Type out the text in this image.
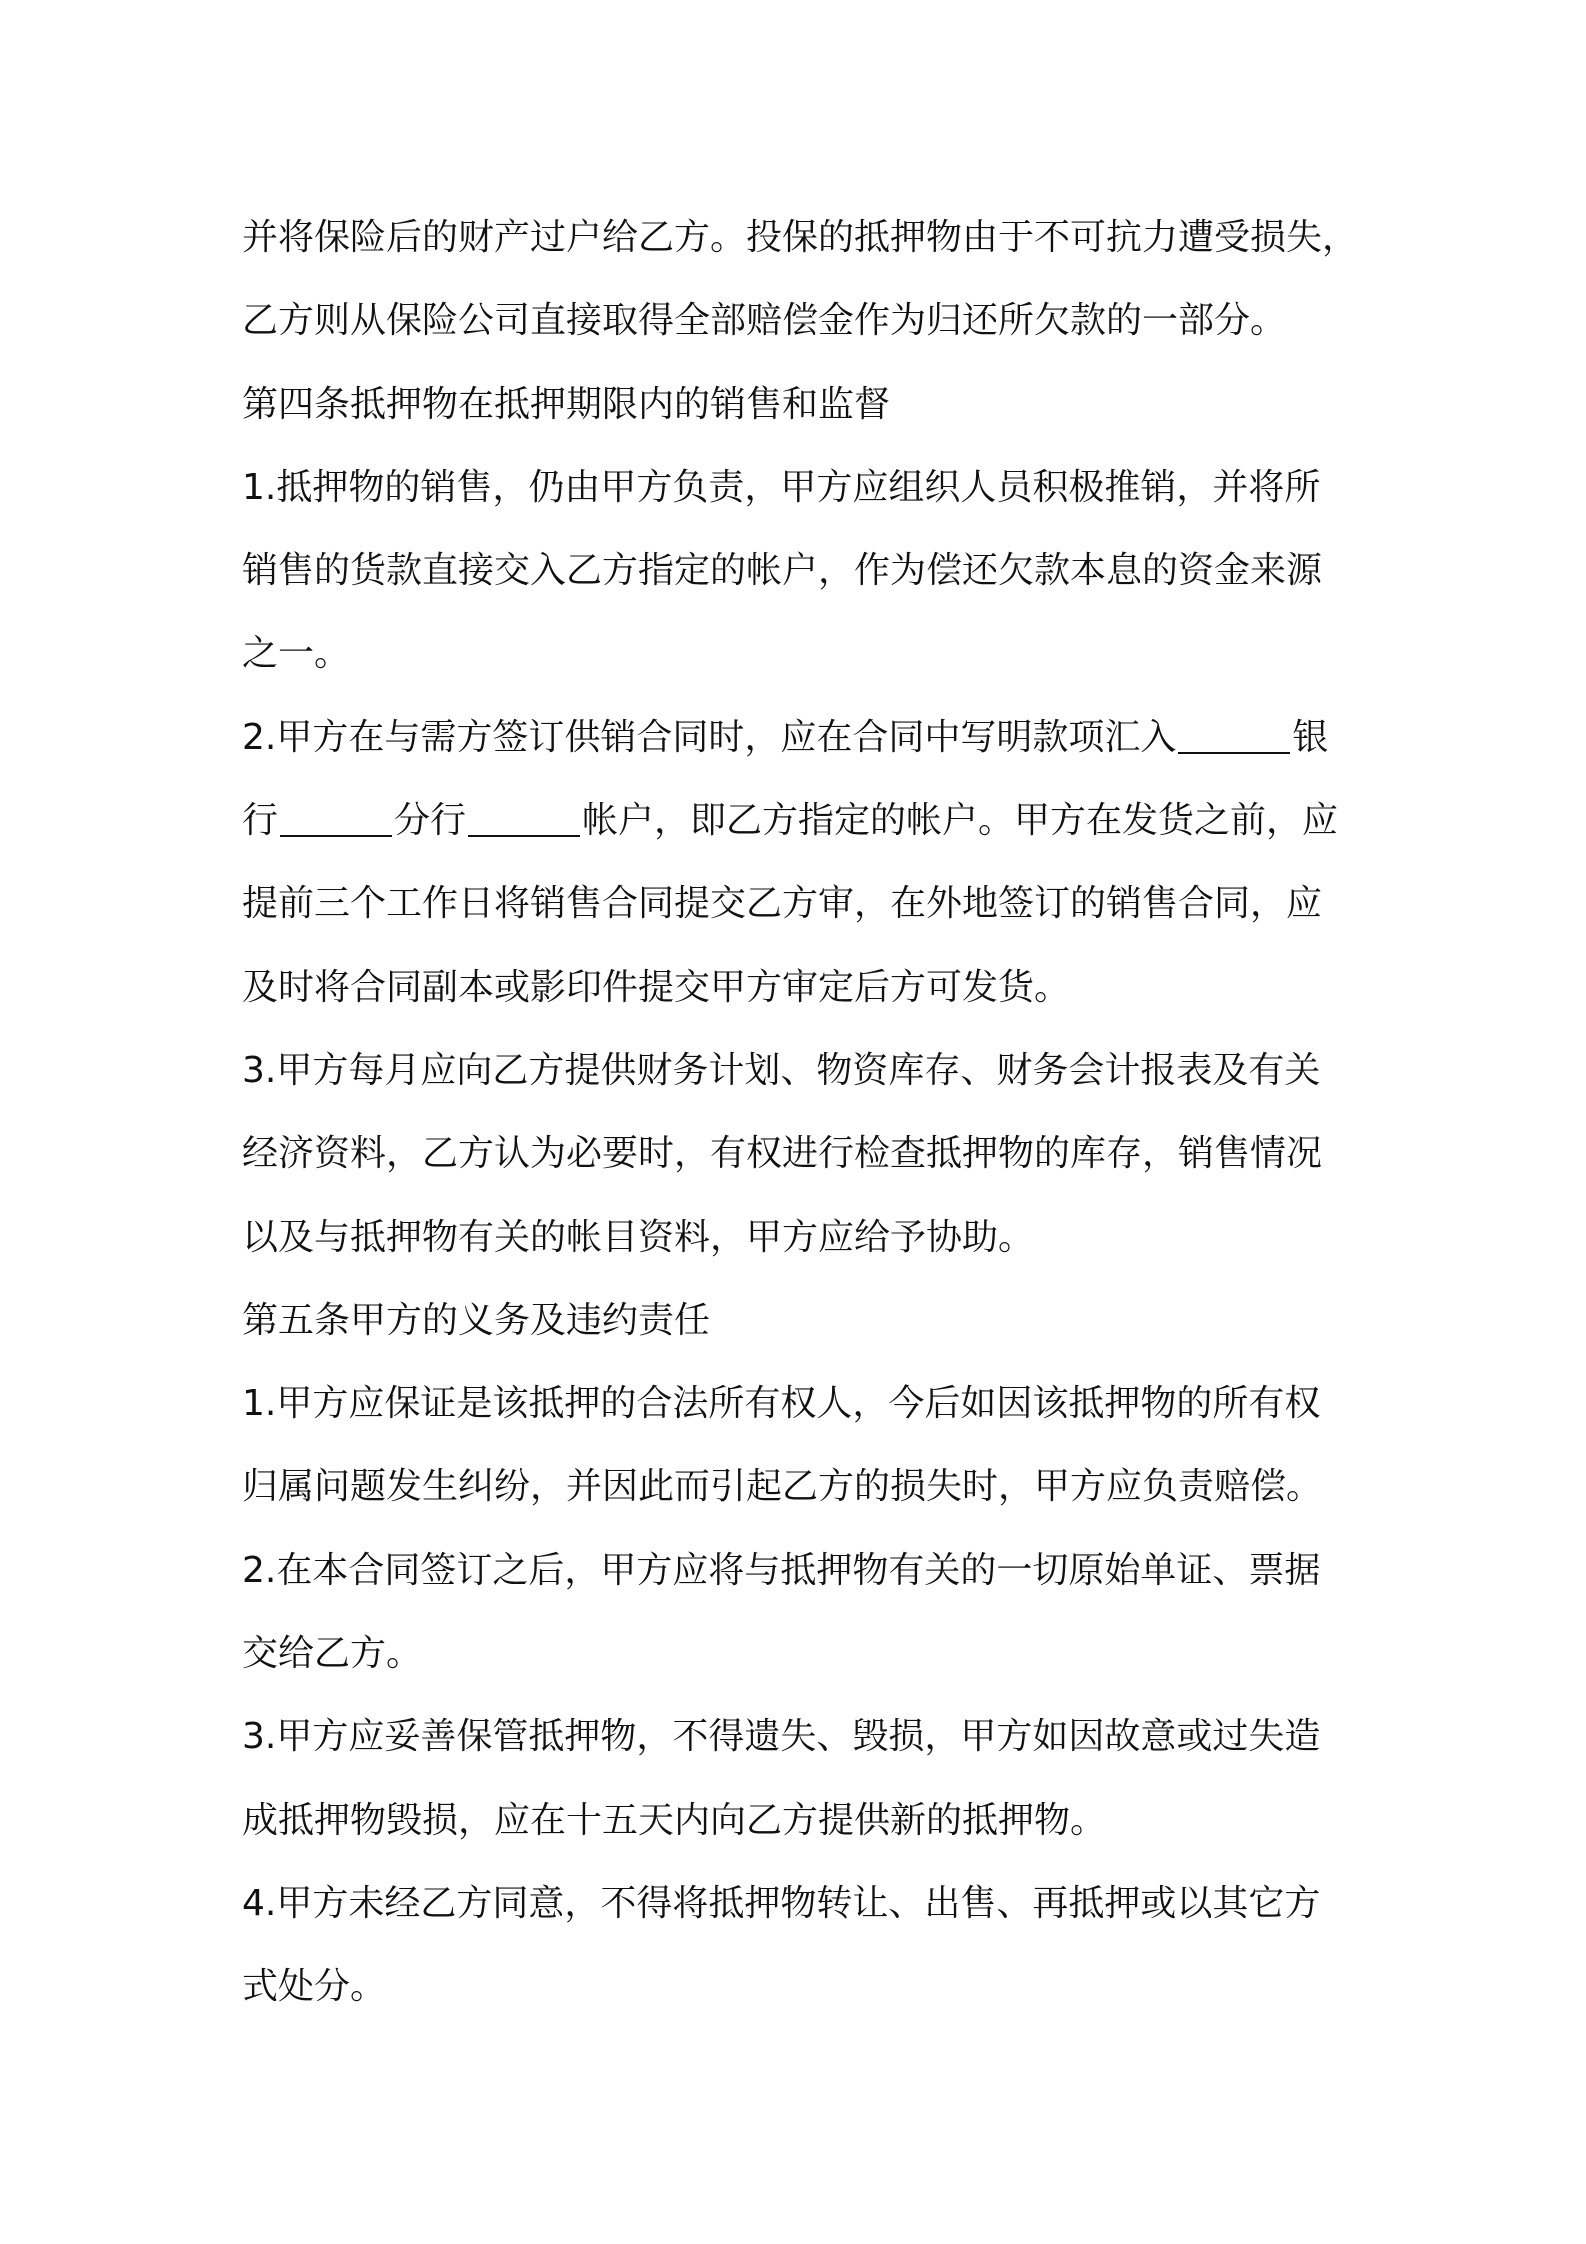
并将保险后的财产过户给乙方。投保的抵押物由于不可抗力遭受损失，
乙方则从保险公司直接取得全部赔偿金作为归还所欠款的一部分。
第四条抵押物在抵押期限内的销售和监督
1.抵押物的销售，仍由甲方负责，甲方应组织人员积极推销，并将所
销售的货款直接交入乙方指定的帐户，作为偿还欠款本息的资金来源
之一。
2.甲方在与需方签订供销合同时，应在合同中写明款项汇入	银
行	分行	帐户，即乙方指定的帐户。甲方在发货之前，应
提前三个工作日将销售合同提交乙方审，在外地签订的销售合同，应
及时将合同副本或影印件提交甲方审定后方可发货。
3.甲方每月应向乙方提供财务计划、物资库存、财务会计报表及有关
经济资料，乙方认为必要时，有权进行检查抵押物的库存，销售情况
以及与抵押物有关的帐目资料，甲方应给予协助。
第五条甲方的义务及违约责任
1.甲方应保证是该抵押的合法所有权人，今后如因该抵押物的所有权
归属问题发生纠纷，并因此而引起乙方的损失时，甲方应负责赔偿。
2.在本合同签订之后，甲方应将与抵押物有关的一切原始单证、票据
交给乙方。
3.甲方应妥善保管抵押物，不得遗失、毁损，甲方如因故意或过失造
成抵押物毁损，应在十五天内向乙方提供新的抵押物。
4.甲方未经乙方同意，不得将抵押物转让、出售、再抵押或以其它方
式处分。
